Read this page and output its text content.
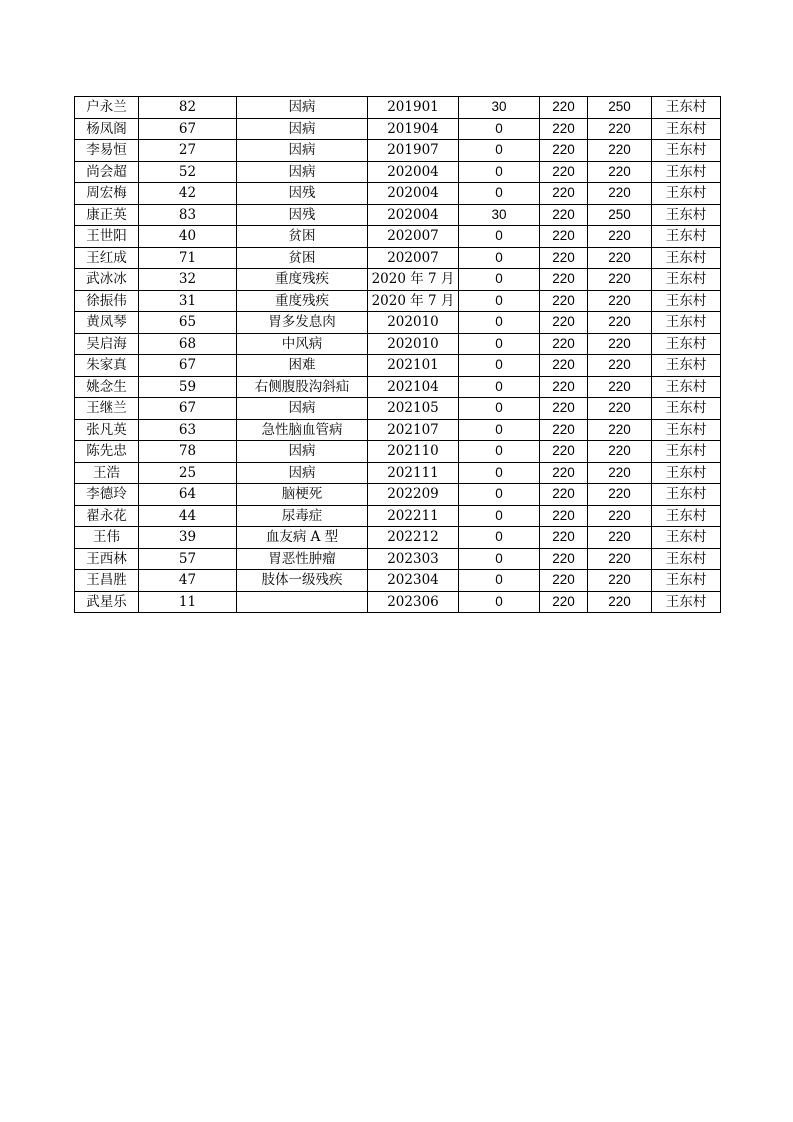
户永兰	82	因病	201901	30	220	250	王东村
杨凤阁	67	因病	201904	0	220	220	王东村
李易恒	27	因病	201907	0	220	220	王东村
尚会超	52	因病	202004	0	220	220	王东村
周宏梅	42	因残	202004	0	220	220	王东村
康正英	83	因残	202004	30	220	250	王东村
王世阳	40	贫困	202007	0	220	220	王东村
王红成	71	贫困	202007	0	220	220	王东村
武冰冰	32	重度残疾	2020 年 7 月	0	220	220	王东村
徐振伟	31	重度残疾	2020 年 7 月	0	220	220	王东村
黄凤琴	65	胃多发息肉	202010	0	220	220	王东村
吴启海	68	中风病	202010	0	220	220	王东村
朱家真	67	困难	202101	0	220	220	王东村
姚念生	59	右侧腹股沟斜疝	202104	0	220	220	王东村
王继兰	67	因病	202105	0	220	220	王东村
张凡英	63	急性脑血管病	202107	0	220	220	王东村
陈先忠	78	因病	202110	0	220	220	王东村
王浩	25	因病	202111	0	220	220	王东村
李德玲	64	脑梗死	202209	0	220	220	王东村
翟永花	44	尿毒症	202211	0	220	220	王东村
王伟	39	血友病 A 型	202212	0	220	220	王东村
王西林	57	胃恶性肿瘤	202303	0	220	220	王东村
王昌胜	47	肢体一级残疾	202304	0	220	220	王东村
武星乐	11		202306	0	220	220	王东村
